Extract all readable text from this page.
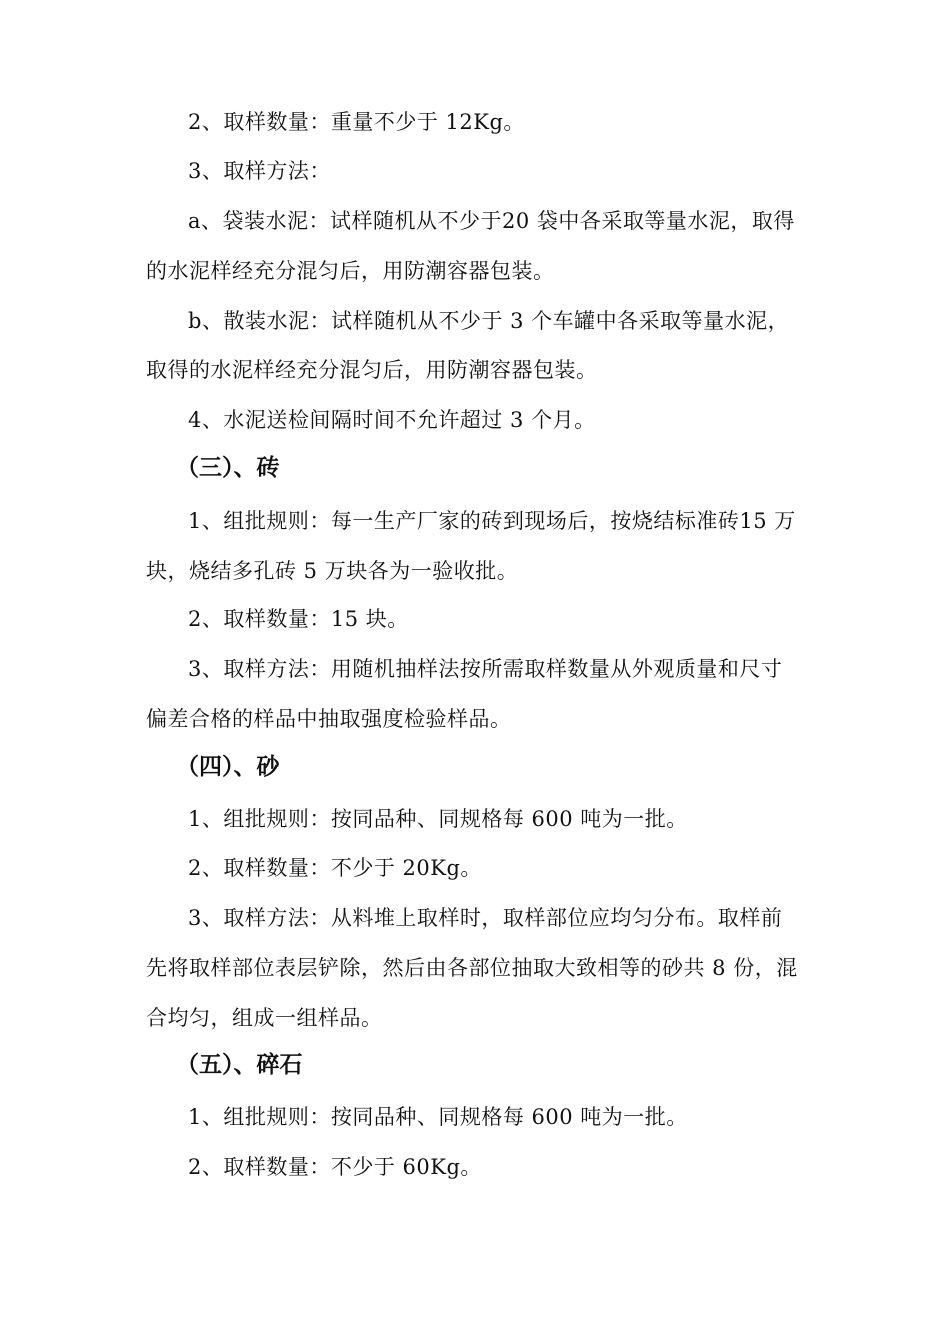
2、取样数量：重量不少于 12Kg。
3、取样方法：
a、袋装水泥：试样随机从不少于20 袋中各采取等量水泥，取得
的水泥样经充分混匀后，用防潮容器包装。
b、散装水泥：试样随机从不少于 3 个车罐中各采取等量水泥，
取得的水泥样经充分混匀后，用防潮容器包装。
4、水泥送检间隔时间不允许超过 3 个月。
（三）、砖
1、组批规则：每一生产厂家的砖到现场后，按烧结标准砖15 万
块，烧结多孔砖 5 万块各为一验收批。
2、取样数量：15 块。
3、取样方法：用随机抽样法按所需取样数量从外观质量和尺寸
偏差合格的样品中抽取强度检验样品。
（四）、砂
1、组批规则：按同品种、同规格每 600 吨为一批。
2、取样数量：不少于 20Kg。
3、取样方法：从料堆上取样时，取样部位应均匀分布。取样前
先将取样部位表层铲除，然后由各部位抽取大致相等的砂共 8 份，混
合均匀，组成一组样品。
（五）、碎石
1、组批规则：按同品种、同规格每 600 吨为一批。
2、取样数量：不少于 60Kg。
